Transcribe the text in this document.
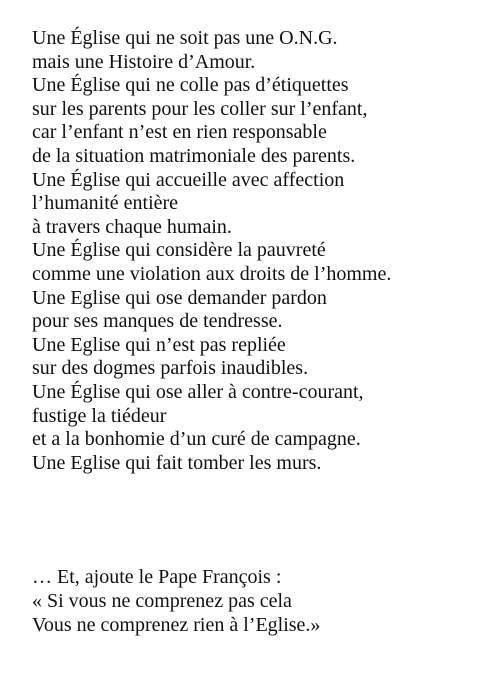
Une Église qui ne soit pas une O.N.G.
mais une Histoire d’Amour.
Une Église qui ne colle pas d’étiquettes
sur les parents pour les coller sur l’enfant,
car l’enfant n’est en rien responsable
de la situation matrimoniale des parents.
Une Église qui accueille avec affection
l’humanité entière
à travers chaque humain.
Une Église qui considère la pauvreté
comme une violation aux droits de l’homme.
Une Eglise qui ose demander pardon
pour ses manques de tendresse.
Une Eglise qui n’est pas repliée
sur des dogmes parfois inaudibles.
Une Église qui ose aller à contre-courant,
fustige la tiédeur
et a la bonhomie d’un curé de campagne.
Une Eglise qui fait tomber les murs.
… Et, ajoute le Pape François :
« Si vous ne comprenez pas cela
Vous ne comprenez rien à l’Eglise.»
